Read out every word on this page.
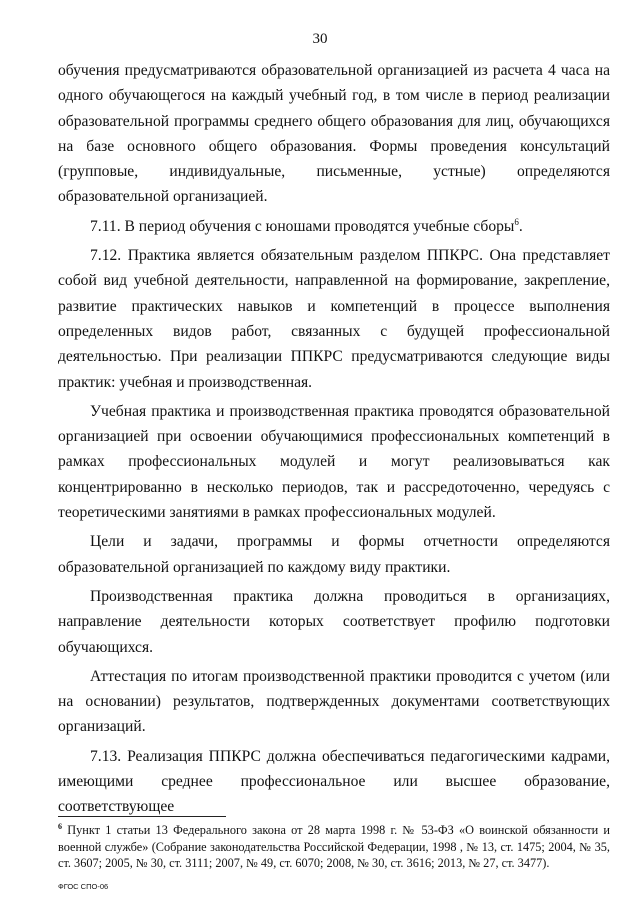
30

обучения предусматриваются образовательной организацией из расчета 4 часа на одного обучающегося на каждый учебный год, в том числе в период реализации образовательной программы среднего общего образования для лиц, обучающихся на базе основного общего образования. Формы проведения консультаций (групповые, индивидуальные, письменные, устные) определяются образовательной организацией.

7.11. В период обучения с юношами проводятся учебные сборы$^6$.

7.12. Практика является обязательным разделом ППКРС. Она представляет собой вид учебной деятельности, направленной на формирование, закрепление, развитие практических навыков и компетенций в процессе выполнения определенных видов работ, связанных с будущей профессиональной деятельностью. При реализации ППКРС предусматриваются следующие виды практик: учебная и производственная.

Учебная практика и производственная практика проводятся образовательной организацией при освоении обучающимися профессиональных компетенций в рамках профессиональных модулей и могут реализовываться как концентрированно в несколько периодов, так и рассредоточенно, чередуясь с теоретическими занятиями в рамках профессиональных модулей.

Цели и задачи, программы и формы отчетности определяются образовательной организацией по каждому виду практики.

Производственная практика должна проводиться в организациях, направление деятельности которых соответствует профилю подготовки обучающихся.

Аттестация по итогам производственной практики проводится с учетом (или на основании) результатов, подтвержденных документами соответствующих организаций.

7.13. Реализация ППКРС должна обеспечиваться педагогическими кадрами, имеющими среднее профессиональное или высшее образование, соответствующее

$^6$ Пункт 1 статьи 13 Федерального закона от 28 марта 1998 г. № 53-ФЗ «О воинской обязанности и военной службе» (Собрание законодательства Российской Федерации, 1998 , № 13, ст. 1475; 2004, № 35, ст. 3607; 2005, № 30, ст. 3111; 2007, № 49, ст. 6070; 2008, № 30, ст. 3616; 2013, № 27, ст. 3477).

ФГОС СПО-06
